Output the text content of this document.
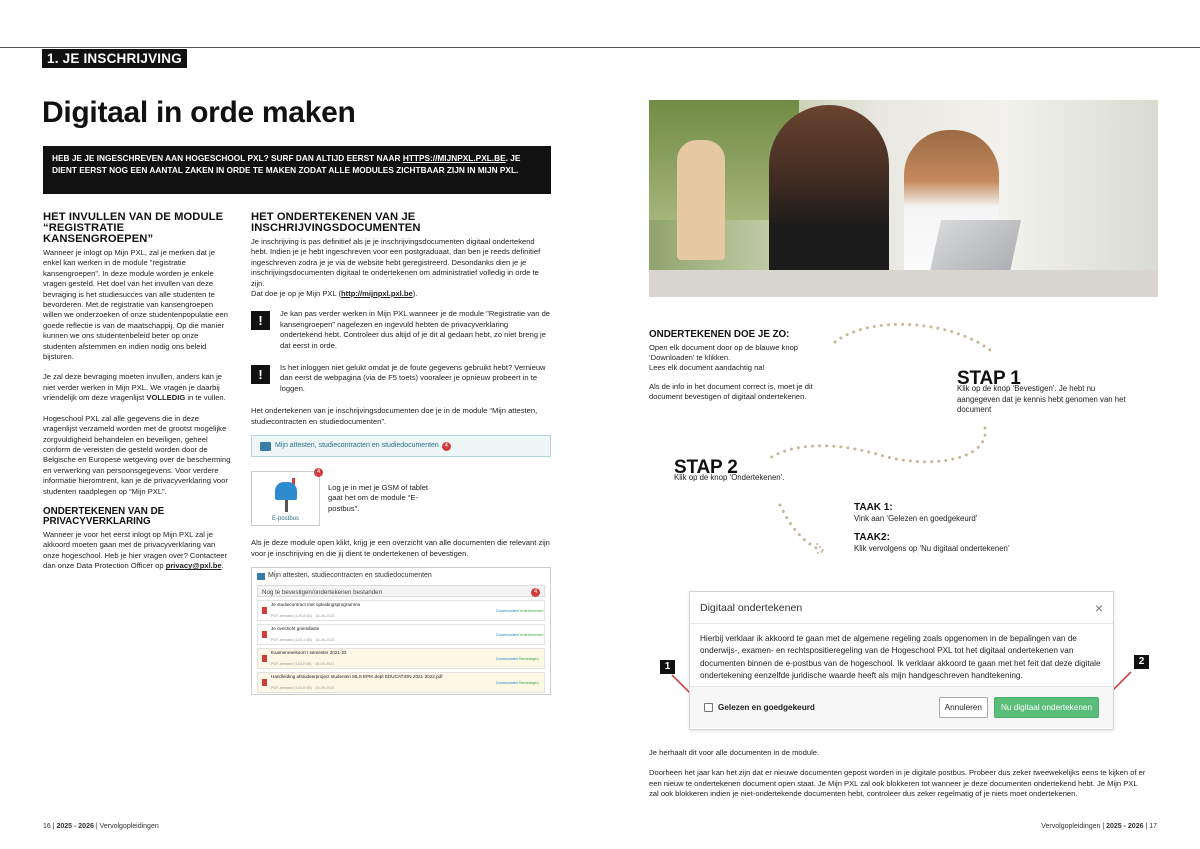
1. JE INSCHRIJVING
Digitaal in orde maken
HEB JE JE INGESCHREVEN AAN HOGESCHOOL PXL? SURF DAN ALTIJD EERST NAAR HTTPS://MIJNPXL.PXL.BE. JE DIENT EERST NOG EEN AANTAL ZAKEN IN ORDE TE MAKEN ZODAT ALLE MODULES ZICHTBAAR ZIJN IN MIJN PXL.
HET INVULLEN VAN DE MODULE “REGISTRATIE KANSENGROEPEN”

Wanneer je inlogt op Mijn PXL, zal je merken dat je enkel kan werken in de module "registratie kansengroepen". In deze module worden je enkele vragen gesteld. Het doel van het invullen van deze bevraging is het studiesucces van alle studenten te bevorderen. Met de registratie van kansengroepen willen we onderzoeken of onze studentenpopulatie een goede reflectie is van de maatschappij. Op die manier kunnen we ons studentenbeleid beter op onze studenten afstemmen en indien nodig ons beleid bijsturen.

Je zal deze bevraging moeten invullen, anders kan je niet verder werken in Mijn PXL. We vragen je daarbij vriendelijk om deze vragenlijst VOLLEDIG in te vullen.

Hogeschool PXL zal alle gegevens die in deze vragenlijst verzameld worden met de grootst mogelijke zorgvuldigheid behandelen en beveiligen, geheel conform de vereisten die gesteld worden door de Belgische en Europese wetgeving over de bescherming en verwerking van persoonsgegevens. Voor verdere informatie hieromtrent, kan je de privacyverklaring voor studenten raadplegen op “Mijn PXL”.

ONDERTEKENEN VAN DE PRIVACYVERKLARING

Wanneer je voor het eerst inlogt op Mijn PXL zal je akkoord moeten gaan met de privacyverklaring van onze hogeschool. Heb je hier vragen over? Contacteer dan onze Data Protection Officer op privacy@pxl.be.

HET ONDERTEKENEN VAN JE INSCHRIJVINGSDOCUMENTEN

Je inschrijving is pas definitief als je je inschrijvingsdocumenten digitaal ondertekend hebt. Indien je je hebt ingeschreven voor een postgraduaat, dan ben je reeds definitief ingeschreven zodra je je via de website hebt geregistreerd. Desondanks dien je je inschrijvingsdocumenten digitaal te ondertekenen om administratief volledig in orde te zijn.
Dat doe je op je Mijn PXL (http://mijnpxl.pxl.be).

!	Je kan pas verder werken in Mijn PXL wanneer je de module "Registratie van de kansengroepen" nagelezen en ingevuld hebten de privacyverklaring ondertekend hebt. Controleer dus altijd of je dit al gedaan hebt, zo niet breng je dat eerst in orde.
!	Is het inloggen niet gelukt omdat je de foute gegevens gebruikt hebt? Vernieuw dan eerst de webpagina (via de F5 toets) vooraleer je opnieuw probeert in te loggen.

Het ondertekenen van je inschrijvingsdocumenten doe je in de module “Mijn attesten, studiecontracten en studiedocumenten”.

Mijn attesten, studiecontracten en studiedocumenten 4
E-postbus
4
Log je in met je GSM of tablet gaat het om de module “E-postbus”.

Als je deze module open klikt, krijg je een overzicht van alle documenten die relevant zijn voor je inschrijving en die jij dient te ondertekenen of bevestigen.

Mijn attesten, studiecontracten en studiedocumenten
Nog te bevestigen/ondertekenen bestanden	4
Je studiecontract met opleidingsprogramma
PDF-bestand (129,8 kB) · 15-06-2021
Downloaden Ondertekenen
Je overzicht griendlaste
PDF-bestand (143,4 kB) · 15-06-2021
Downloaden Ondertekenen
Examenreelsoort I semester 2021-22
PDF-bestand (118,8 kB) · 15-06-2021
Downloaden Bevestigen
Handleiding afstudeerproject studenten MLS EPIK dept EDUCATION 2021-2022.pdf
PDF-bestand (143,5 kB) · 20-09-2021
Downloaden Bevestigen
ONDERTEKENEN DOE JE ZO:

Open elk document door op de blauwe knop ‘Downloaden’ te klikken.
Lees elk document aandachtig na!

Als de info in het document correct is, moet je dit document bevestigen of digitaal ondertekenen.

STAP 1
Klik op de knop ‘Bevestigen’. Je hebt nu aangegeven dat je kennis hebt genomen van het document
STAP 2
Klik op de knop ‘Ondertekenen’.
TAAK 1:
Vink aan ‘Gelezen en goedgekeurd’
TAAK2:
Klik vervolgens op ‘Nu digitaal ondertekenen’
Digitaal ondertekenen	×
Hierbij verklaar ik akkoord te gaan met de algemene regeling zoals opgenomen in de bepalingen van de onderwijs-, examen- en rechtspositieregeling van de Hogeschool PXL tot het digitaal ondertekenen van documenten binnen de e-postbus van de hogeschool. Ik verklaar akkoord te gaan met het feit dat deze digitale ondertekening eenzelfde juridische waarde heeft als mijn handgeschreven handtekening.
Gelezen en goedgekeurd	Annuleren	Nu digitaal ondertekenen
1	2

Je herhaalt dit voor alle documenten in de module.

Doorheen het jaar kan het zijn dat er nieuwe documenten gepost worden in je digitale postbus. Probeer dus zeker tweewekelijks eens te kijken of er een nieuw te ondertekenen document open staat. Je Mijn PXL zal ook blokkeren tot wanneer je deze documenten ondertekend hebt. Je Mijn PXL zal ook blokkeren indien je niet-ondertekende documenten hebt, controleer dus zeker regelmatig of je niets moet ondertekenen.

16 | 2025 - 2026 | Vervolgopleidingen	Vervolgopleidingen | 2025 - 2026 | 17
